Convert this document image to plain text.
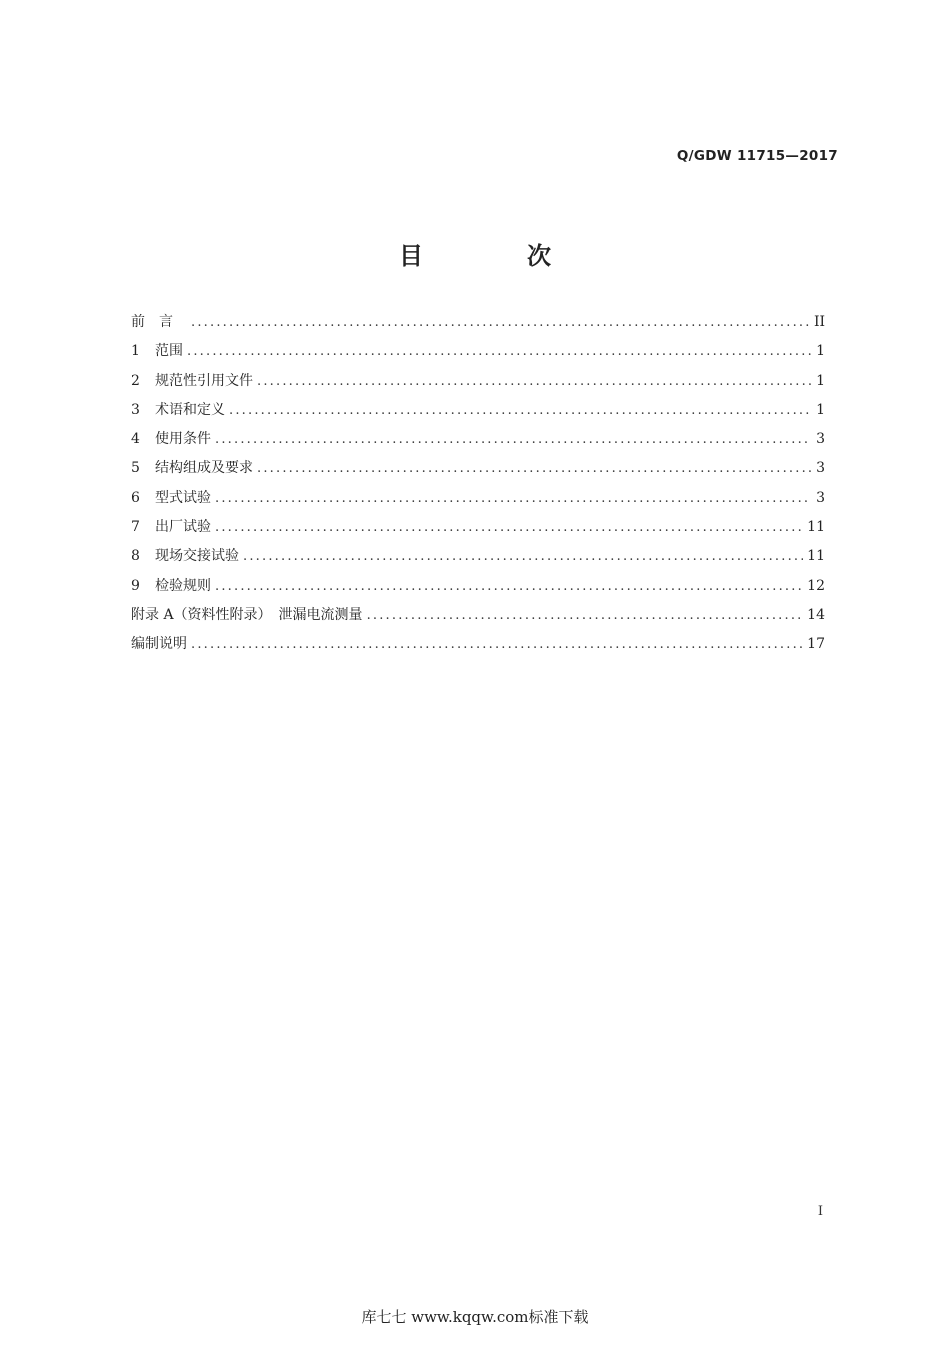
Q/GDW 11715—2017
目　次
前言 .....	II
1	范围 .....	1
2	规范性引用文件 .....	1
3	术语和定义 .....	1
4	使用条件 .....	3
5	结构组成及要求 .....	3
6	型式试验 .....	3
7	出厂试验 .....	11
8	现场交接试验 .....	11
9	检验规则 .....	12
附录 A（资料性附录）　泄漏电流测量 .....	14
编制说明 .....	17
I
库七七 www.kqqw.com标准下载
